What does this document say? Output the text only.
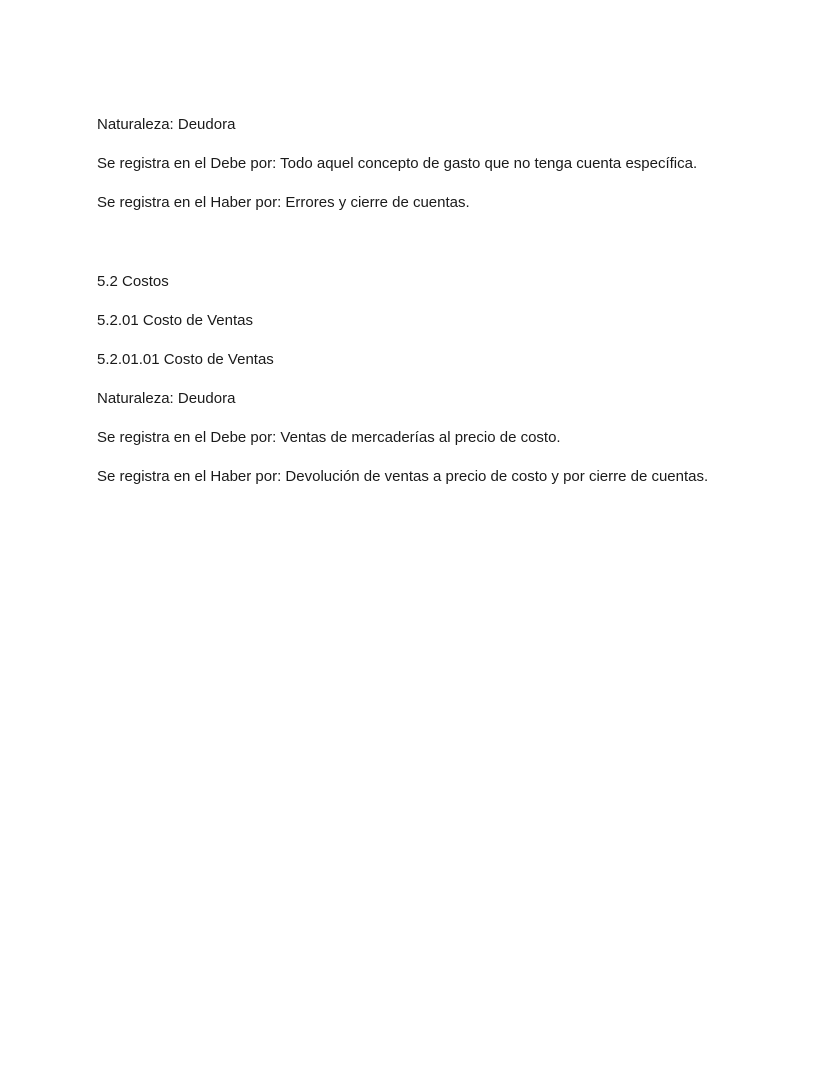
Naturaleza: Deudora

Se registra en el Debe por: Todo aquel concepto de gasto que no tenga cuenta específica.

Se registra en el Haber por: Errores y cierre de cuentas.

5.2 Costos

5.2.01 Costo de Ventas

5.2.01.01 Costo de Ventas

Naturaleza: Deudora

Se registra en el Debe por: Ventas de mercaderías al precio de costo.

Se registra en el Haber por: Devolución de ventas a precio de costo y por cierre de cuentas.
